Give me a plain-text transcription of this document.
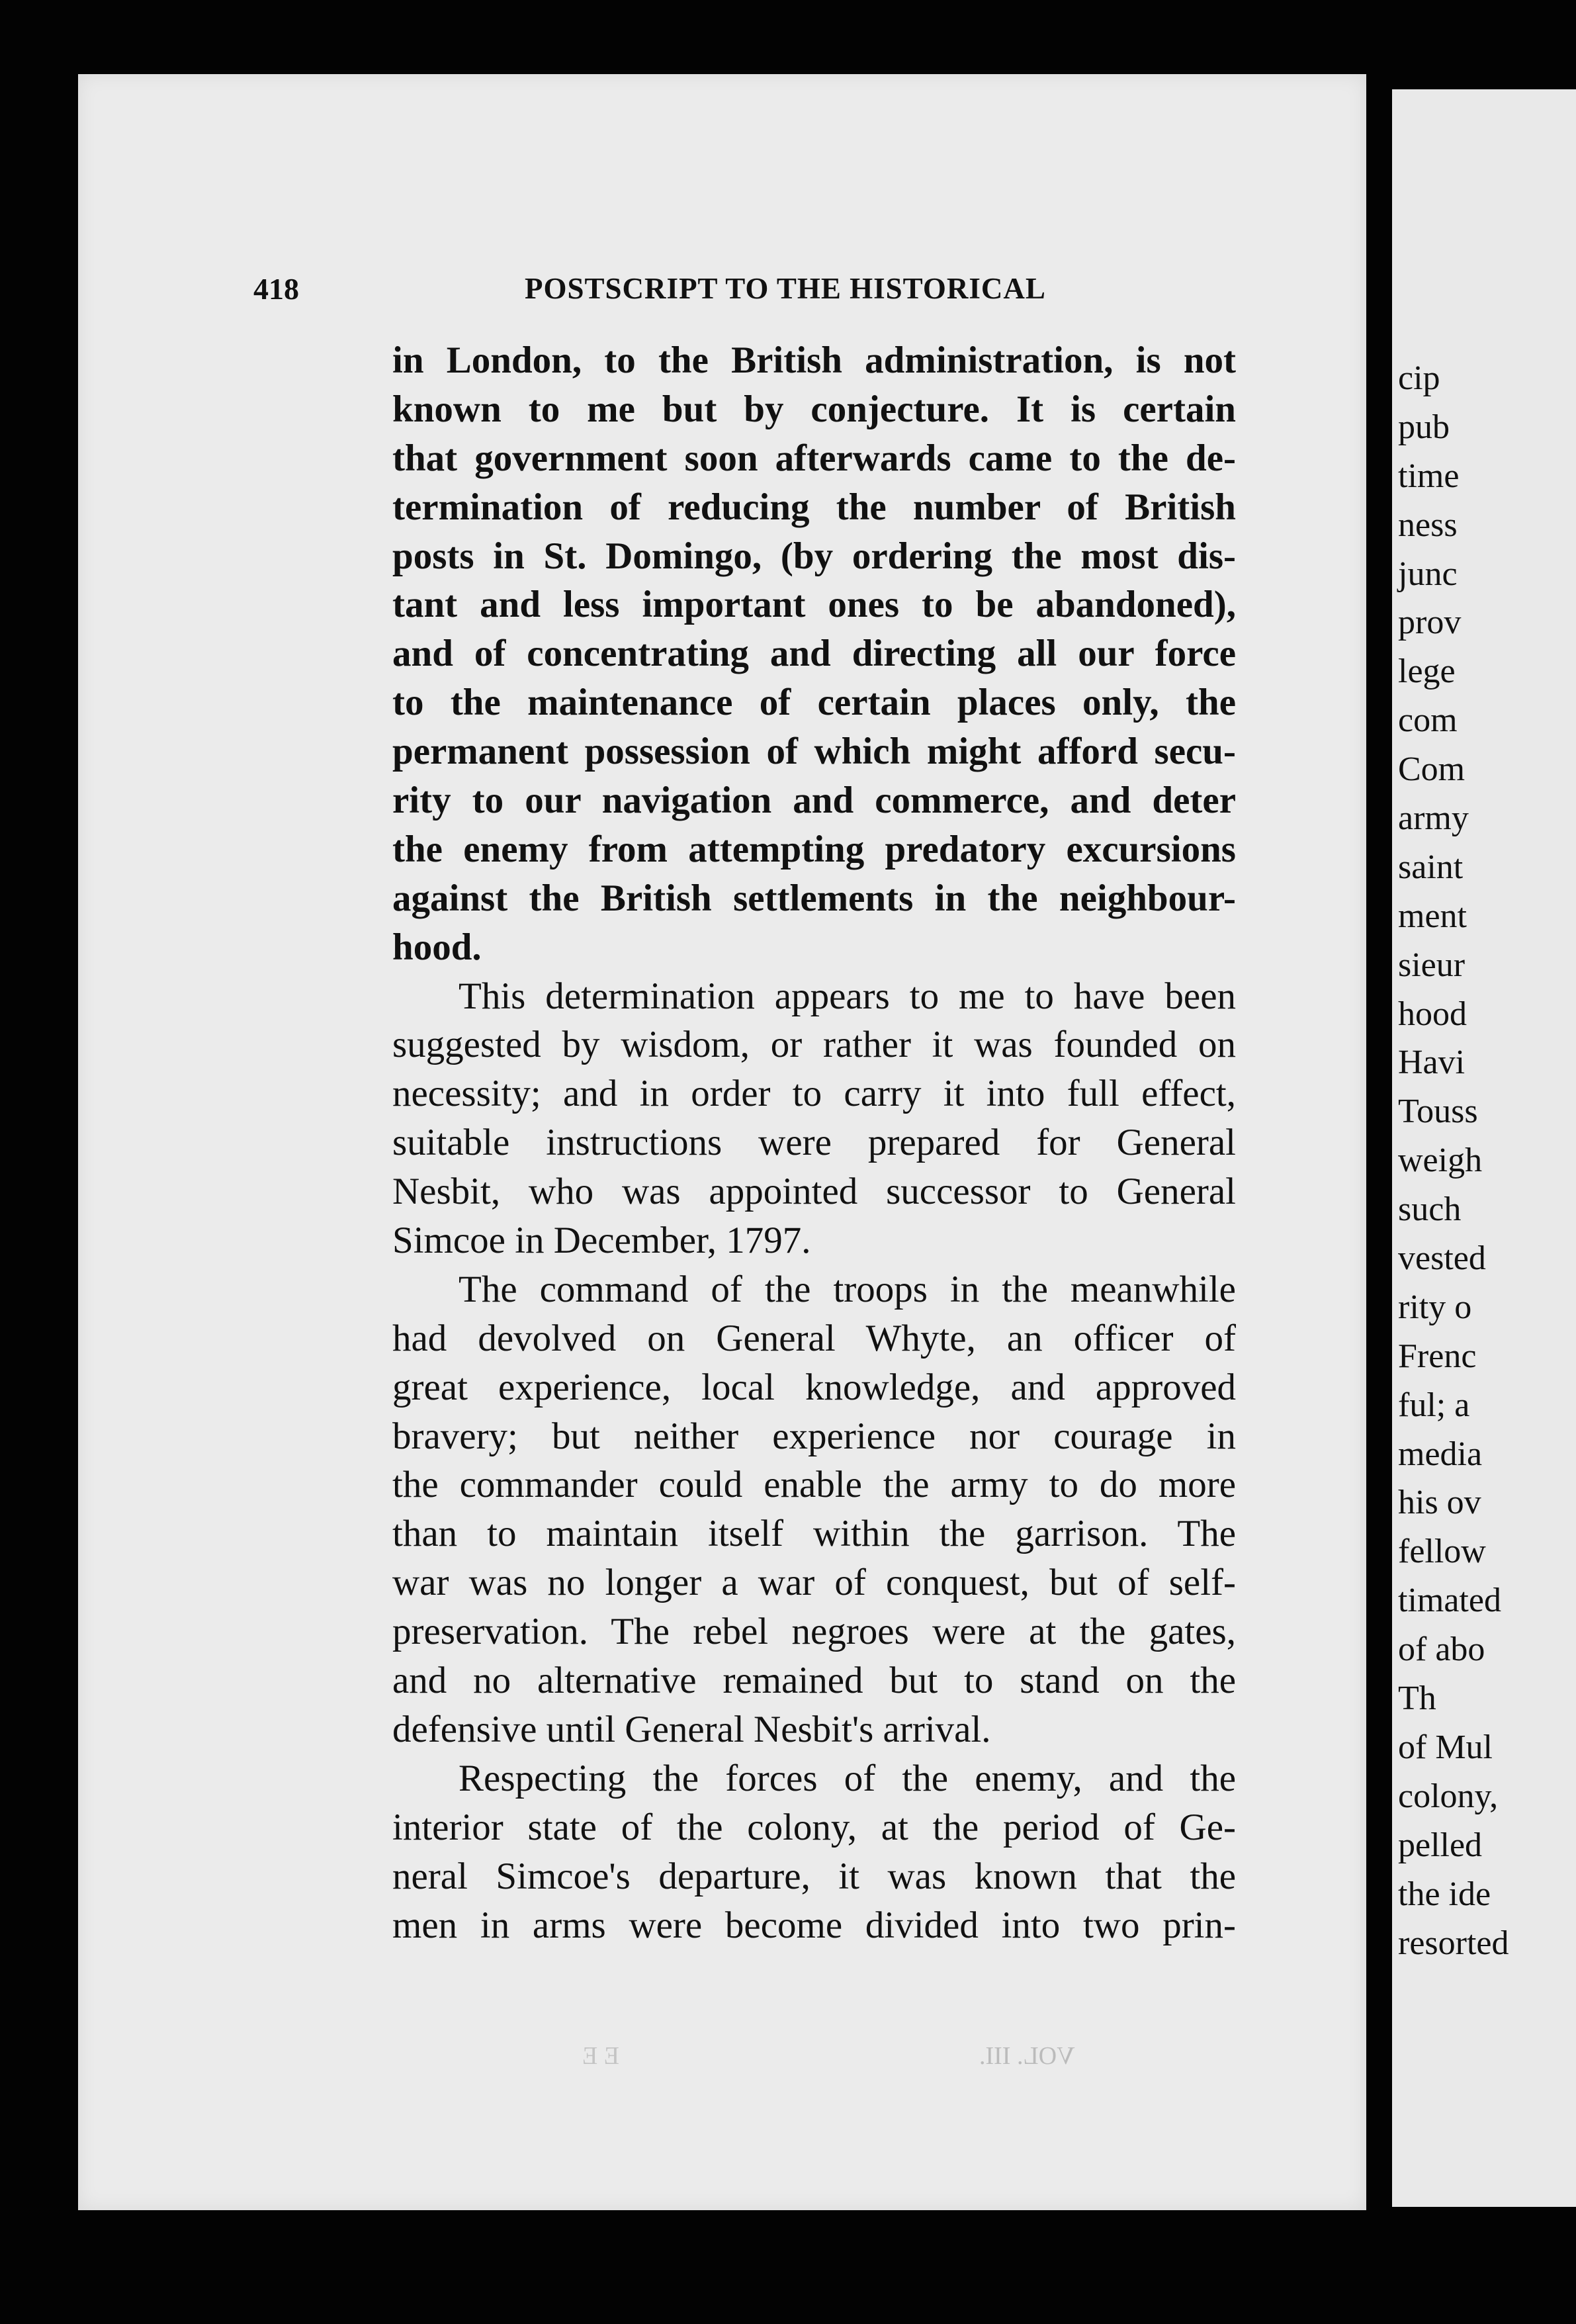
418	POSTSCRIPT TO THE HISTORICAL
in London, to the British administration, is not
known to me but by conjecture. It is certain
that government soon afterwards came to the de-
termination of reducing the number of British
posts in St. Domingo, (by ordering the most dis-
tant and less important ones to be abandoned),
and of concentrating and directing all our force
to the maintenance of certain places only, the
permanent possession of which might afford secu-
rity to our navigation and commerce, and deter
the enemy from attempting predatory excursions
against the British settlements in the neighbour-
hood.
This determination appears to me to have been
suggested by wisdom, or rather it was founded on
necessity; and in order to carry it into full effect,
suitable instructions were prepared for General
Nesbit, who was appointed successor to General
Simcoe in December, 1797.
The command of the troops in the meanwhile
had devolved on General Whyte, an officer of
great experience, local knowledge, and approved
bravery; but neither experience nor courage in
the commander could enable the army to do more
than to maintain itself within the garrison. The
war was no longer a war of conquest, but of self-
preservation. The rebel negroes were at the gates,
and no alternative remained but to stand on the
defensive until General Nesbit's arrival.
Respecting the forces of the enemy, and the
interior state of the colony, at the period of Ge-
neral Simcoe's departure, it was known that the
men in arms were become divided into two prin-
cip
pub
time
ness
junc
prov
lege
com
Com
army
saint
ment
sieur
hood
Havi
Touss
weigh
such
vested
rity o
Frenc
ful; a
media
his ov
fellow
timated
of abo
Th
of Mul
colony,
pelled
the ide
resorted
VOL. III.
E E
